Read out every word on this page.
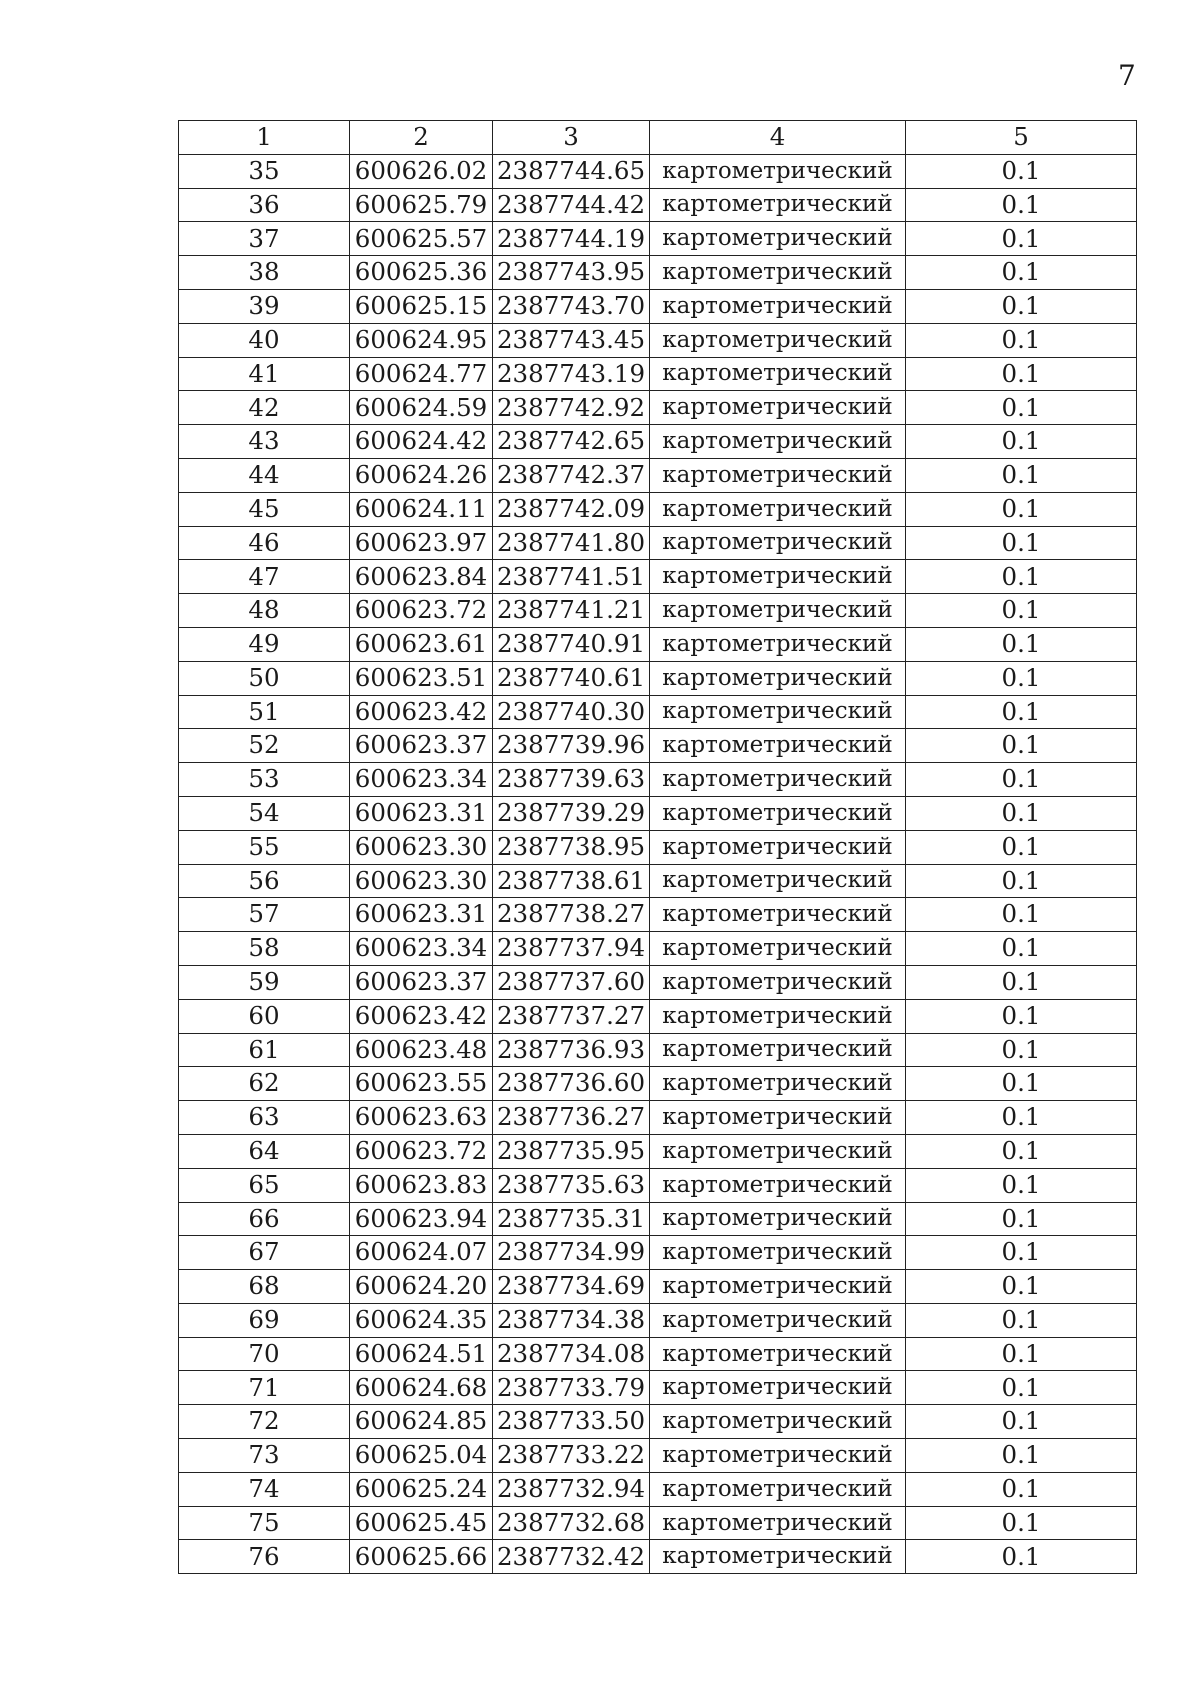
7
1	2	3	4	5
35	600626.02	2387744.65	картометрический	0.1
36	600625.79	2387744.42	картометрический	0.1
37	600625.57	2387744.19	картометрический	0.1
38	600625.36	2387743.95	картометрический	0.1
39	600625.15	2387743.70	картометрический	0.1
40	600624.95	2387743.45	картометрический	0.1
41	600624.77	2387743.19	картометрический	0.1
42	600624.59	2387742.92	картометрический	0.1
43	600624.42	2387742.65	картометрический	0.1
44	600624.26	2387742.37	картометрический	0.1
45	600624.11	2387742.09	картометрический	0.1
46	600623.97	2387741.80	картометрический	0.1
47	600623.84	2387741.51	картометрический	0.1
48	600623.72	2387741.21	картометрический	0.1
49	600623.61	2387740.91	картометрический	0.1
50	600623.51	2387740.61	картометрический	0.1
51	600623.42	2387740.30	картометрический	0.1
52	600623.37	2387739.96	картометрический	0.1
53	600623.34	2387739.63	картометрический	0.1
54	600623.31	2387739.29	картометрический	0.1
55	600623.30	2387738.95	картометрический	0.1
56	600623.30	2387738.61	картометрический	0.1
57	600623.31	2387738.27	картометрический	0.1
58	600623.34	2387737.94	картометрический	0.1
59	600623.37	2387737.60	картометрический	0.1
60	600623.42	2387737.27	картометрический	0.1
61	600623.48	2387736.93	картометрический	0.1
62	600623.55	2387736.60	картометрический	0.1
63	600623.63	2387736.27	картометрический	0.1
64	600623.72	2387735.95	картометрический	0.1
65	600623.83	2387735.63	картометрический	0.1
66	600623.94	2387735.31	картометрический	0.1
67	600624.07	2387734.99	картометрический	0.1
68	600624.20	2387734.69	картометрический	0.1
69	600624.35	2387734.38	картометрический	0.1
70	600624.51	2387734.08	картометрический	0.1
71	600624.68	2387733.79	картометрический	0.1
72	600624.85	2387733.50	картометрический	0.1
73	600625.04	2387733.22	картометрический	0.1
74	600625.24	2387732.94	картометрический	0.1
75	600625.45	2387732.68	картометрический	0.1
76	600625.66	2387732.42	картометрический	0.1
